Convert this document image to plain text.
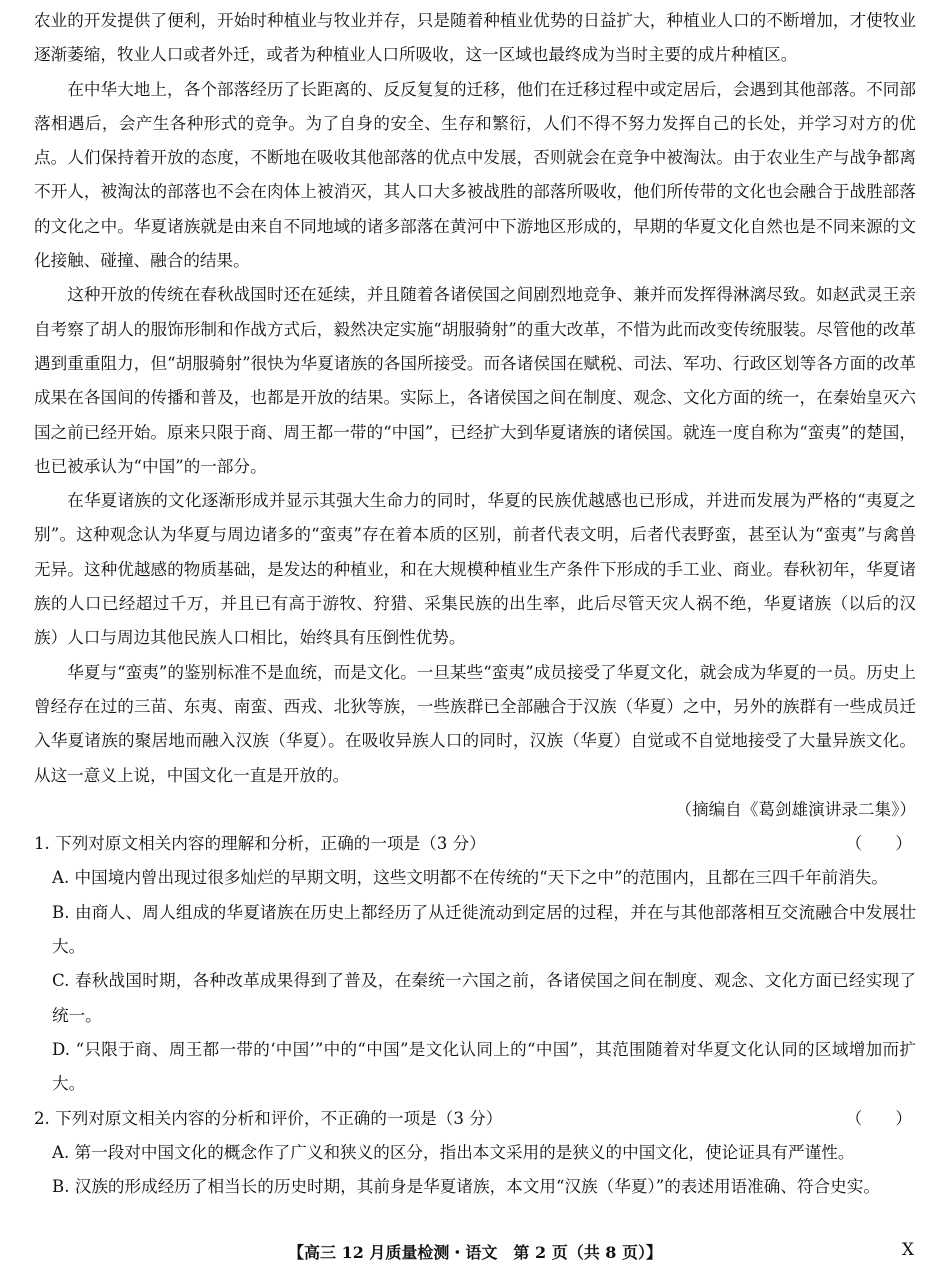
农业的开发提供了便利，开始时种植业与牧业并存，只是随着种植业优势的日益扩大，种植业人口的不断增加，才使牧业逐渐萎缩，牧业人口或者外迁，或者为种植业人口所吸收，这一区域也最终成为当时主要的成片种植区。

在中华大地上，各个部落经历了长距离的、反反复复的迁移，他们在迁移过程中或定居后，会遇到其他部落。不同部落相遇后，会产生各种形式的竞争。为了自身的安全、生存和繁衍，人们不得不努力发挥自己的长处，并学习对方的优点。人们保持着开放的态度，不断地在吸收其他部落的优点中发展，否则就会在竞争中被淘汰。由于农业生产与战争都离不开人，被淘汰的部落也不会在肉体上被消灭，其人口大多被战胜的部落所吸收，他们所传带的文化也会融合于战胜部落的文化之中。华夏诸族就是由来自不同地域的诸多部落在黄河中下游地区形成的，早期的华夏文化自然也是不同来源的文化接触、碰撞、融合的结果。

这种开放的传统在春秋战国时还在延续，并且随着各诸侯国之间剧烈地竞争、兼并而发挥得淋漓尽致。如赵武灵王亲自考察了胡人的服饰形制和作战方式后，毅然决定实施“胡服骑射”的重大改革，不惜为此而改变传统服装。尽管他的改革遇到重重阻力，但“胡服骑射”很快为华夏诸族的各国所接受。而各诸侯国在赋税、司法、军功、行政区划等各方面的改革成果在各国间的传播和普及，也都是开放的结果。实际上，各诸侯国之间在制度、观念、文化方面的统一，在秦始皇灭六国之前已经开始。原来只限于商、周王都一带的“中国”，已经扩大到华夏诸族的诸侯国。就连一度自称为“蛮夷”的楚国，也已被承认为“中国”的一部分。

在华夏诸族的文化逐渐形成并显示其强大生命力的同时，华夏的民族优越感也已形成，并进而发展为严格的“夷夏之别”。这种观念认为华夏与周边诸多的“蛮夷”存在着本质的区别，前者代表文明，后者代表野蛮，甚至认为“蛮夷”与禽兽无异。这种优越感的物质基础，是发达的种植业，和在大规模种植业生产条件下形成的手工业、商业。春秋初年，华夏诸族的人口已经超过千万，并且已有高于游牧、狩猎、采集民族的出生率，此后尽管天灾人祸不绝，华夏诸族（以后的汉族）人口与周边其他民族人口相比，始终具有压倒性优势。

华夏与“蛮夷”的鉴别标准不是血统，而是文化。一旦某些“蛮夷”成员接受了华夏文化，就会成为华夏的一员。历史上曾经存在过的三苗、东夷、南蛮、西戎、北狄等族，一些族群已全部融合于汉族（华夏）之中，另外的族群有一些成员迁入华夏诸族的聚居地而融入汉族（华夏）。在吸收异族人口的同时，汉族（华夏）自觉或不自觉地接受了大量异族文化。从这一意义上说，中国文化一直是开放的。

（摘编自《葛剑雄演讲录二集》）

1. 下列对原文相关内容的理解和分析，正确的一项是（3 分）	（　　）

A. 中国境内曾出现过很多灿烂的早期文明，这些文明都不在传统的“天下之中”的范围内，且都在三四千年前消失。

B. 由商人、周人组成的华夏诸族在历史上都经历了从迁徙流动到定居的过程，并在与其他部落相互交流融合中发展壮大。

C. 春秋战国时期，各种改革成果得到了普及，在秦统一六国之前，各诸侯国之间在制度、观念、文化方面已经实现了统一。

D. “只限于商、周王都一带的‘中国’”中的“中国”是文化认同上的“中国”，其范围随着对华夏文化认同的区域增加而扩大。

2. 下列对原文相关内容的分析和评价，不正确的一项是（3 分）	（　　）

A. 第一段对中国文化的概念作了广义和狭义的区分，指出本文采用的是狭义的中国文化，使论证具有严谨性。

B. 汉族的形成经历了相当长的历史时期，其前身是华夏诸族，本文用“汉族（华夏）”的表述用语准确、符合史实。

【高三 12 月质量检测・语文　第 2 页（共 8 页）】	X
